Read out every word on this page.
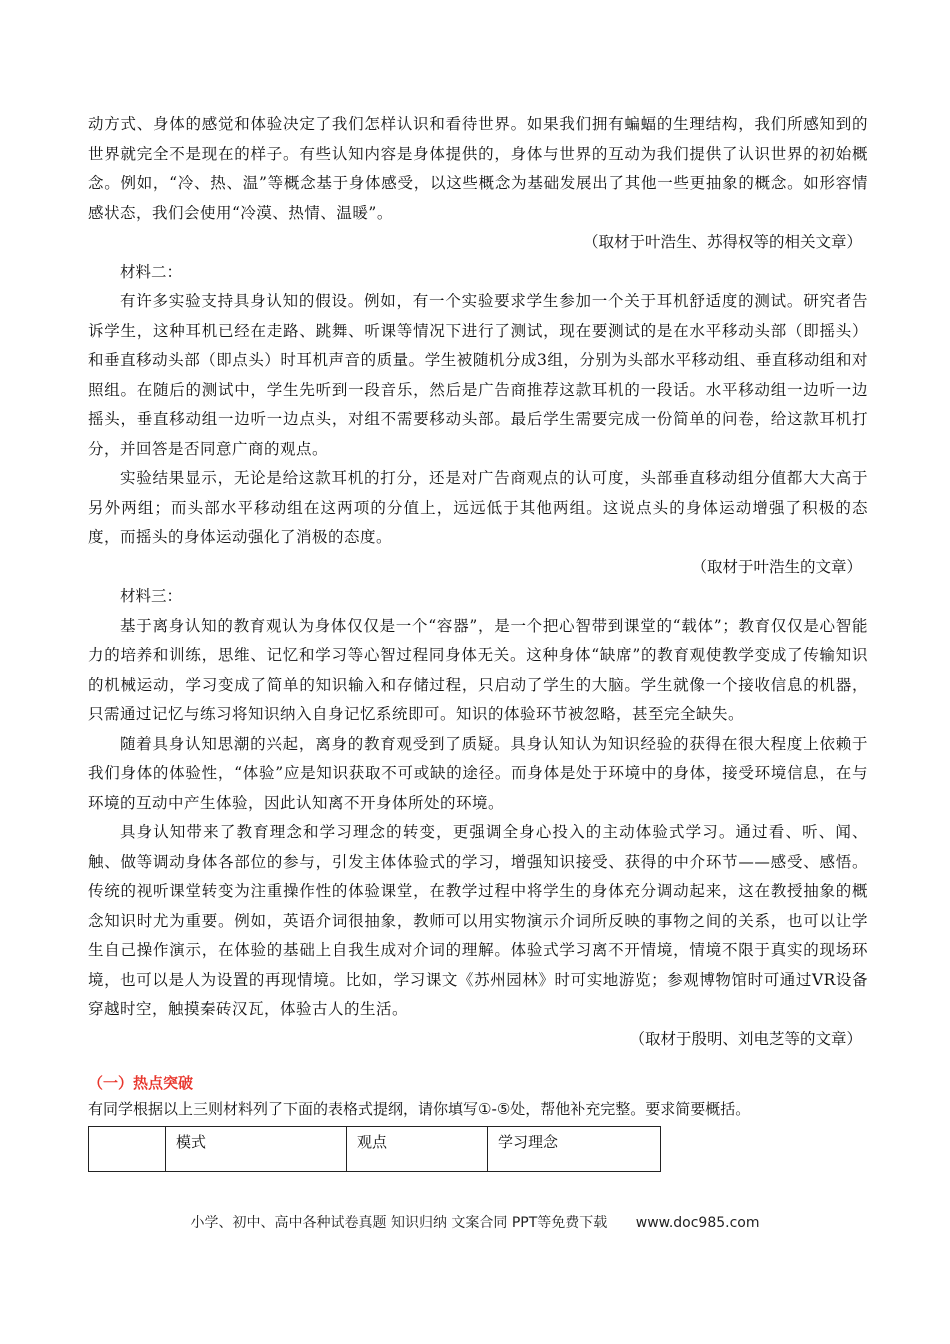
动方式、身体的感觉和体验决定了我们怎样认识和看待世界。如果我们拥有蝙蝠的生理结构，我们所感知到的世界就完全不是现在的样子。有些认知内容是身体提供的，身体与世界的互动为我们提供了认识世界的初始概念。例如，“冷、热、温”等概念基于身体感受，以这些概念为基础发展出了其他一些更抽象的概念。如形容情感状态，我们会使用“冷漠、热情、温暖”。

（取材于叶浩生、苏得权等的相关文章）

材料二：

有许多实验支持具身认知的假设。例如，有一个实验要求学生参加一个关于耳机舒适度的测试。研究者告诉学生，这种耳机已经在走路、跳舞、听课等情况下进行了测试，现在要测试的是在水平移动头部（即摇头）和垂直移动头部（即点头）时耳机声音的质量。学生被随机分成3组，分别为头部水平移动组、垂直移动组和对照组。在随后的测试中，学生先听到一段音乐，然后是广告商推荐这款耳机的一段话。水平移动组一边听一边摇头，垂直移动组一边听一边点头，对组不需要移动头部。最后学生需要完成一份简单的问卷，给这款耳机打分，并回答是否同意广商的观点。

实验结果显示，无论是给这款耳机的打分，还是对广告商观点的认可度，头部垂直移动组分值都大大高于另外两组；而头部水平移动组在这两项的分值上，远远低于其他两组。这说点头的身体运动增强了积极的态度，而摇头的身体运动强化了消极的态度。

（取材于叶浩生的文章）

材料三：

基于离身认知的教育观认为身体仅仅是一个“容器”，是一个把心智带到课堂的“载体”；教育仅仅是心智能力的培养和训练，思维、记忆和学习等心智过程同身体无关。这种身体“缺席”的教育观使教学变成了传输知识的机械运动，学习变成了简单的知识输入和存储过程，只启动了学生的大脑。学生就像一个接收信息的机器，只需通过记忆与练习将知识纳入自身记忆系统即可。知识的体验环节被忽略，甚至完全缺失。

随着具身认知思潮的兴起，离身的教育观受到了质疑。具身认知认为知识经验的获得在很大程度上依赖于我们身体的体验性，“体验”应是知识获取不可或缺的途径。而身体是处于环境中的身体，接受环境信息，在与环境的互动中产生体验，因此认知离不开身体所处的环境。

具身认知带来了教育理念和学习理念的转变，更强调全身心投入的主动体验式学习。通过看、听、闻、触、做等调动身体各部位的参与，引发主体体验式的学习，增强知识接受、获得的中介环节——感受、感悟。传统的视听课堂转变为注重操作性的体验课堂，在教学过程中将学生的身体充分调动起来，这在教授抽象的概念知识时尤为重要。例如，英语介词很抽象，教师可以用实物演示介词所反映的事物之间的关系，也可以让学生自己操作演示，在体验的基础上自我生成对介词的理解。体验式学习离不开情境，情境不限于真实的现场环境，也可以是人为设置的再现情境。比如，学习课文《苏州园林》时可实地游览；参观博物馆时可通过VR设备穿越时空，触摸秦砖汉瓦，体验古人的生活。

（取材于殷明、刘电芝等的文章）

（一）热点突破

有同学根据以上三则材料列了下面的表格式提纲，请你填写①-⑤处，帮他补充完整。要求简要概括。

	模式	观点	学习理念
小学、初中、高中各种试卷真题 知识归纳 文案合同 PPT等免费下载 www.doc985.com
